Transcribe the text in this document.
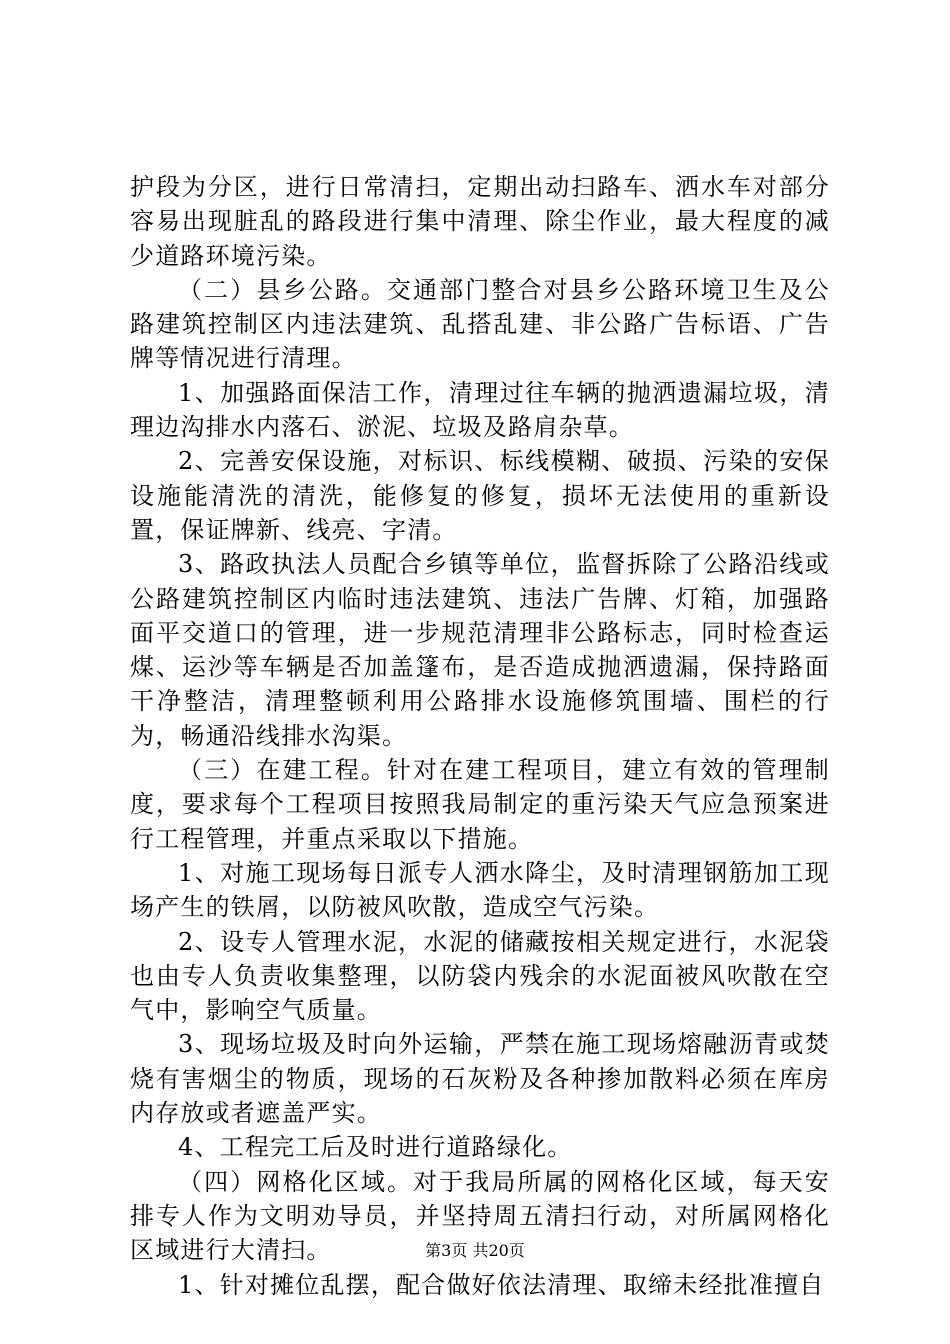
护段为分区，进行日常清扫，定期出动扫路车、洒水车对部分容易出现脏乱的路段进行集中清理、除尘作业，最大程度的减少道路环境污染。

（二）县乡公路。交通部门整合对县乡公路环境卫生及公路建筑控制区内违法建筑、乱搭乱建、非公路广告标语、广告牌等情况进行清理。

1、加强路面保洁工作，清理过往车辆的抛洒遗漏垃圾，清理边沟排水内落石、淤泥、垃圾及路肩杂草。

2、完善安保设施，对标识、标线模糊、破损、污染的安保设施能清洗的清洗，能修复的修复，损坏无法使用的重新设置，保证牌新、线亮、字清。

3、路政执法人员配合乡镇等单位，监督拆除了公路沿线或公路建筑控制区内临时违法建筑、违法广告牌、灯箱，加强路面平交道口的管理，进一步规范清理非公路标志，同时检查运煤、运沙等车辆是否加盖篷布，是否造成抛洒遗漏，保持路面干净整洁，清理整顿利用公路排水设施修筑围墙、围栏的行为，畅通沿线排水沟渠。

（三）在建工程。针对在建工程项目，建立有效的管理制度，要求每个工程项目按照我局制定的重污染天气应急预案进行工程管理，并重点采取以下措施。

1、对施工现场每日派专人洒水降尘，及时清理钢筋加工现场产生的铁屑，以防被风吹散，造成空气污染。

2、设专人管理水泥，水泥的储藏按相关规定进行，水泥袋也由专人负责收集整理，以防袋内残余的水泥面被风吹散在空气中，影响空气质量。

3、现场垃圾及时向外运输，严禁在施工现场熔融沥青或焚烧有害烟尘的物质，现场的石灰粉及各种掺加散料必须在库房内存放或者遮盖严实。

4、工程完工后及时进行道路绿化。

（四）网格化区域。对于我局所属的网格化区域，每天安排专人作为文明劝导员，并坚持周五清扫行动，对所属网格化区域进行大清扫。

1、针对摊位乱摆，配合做好依法清理、取缔未经批准擅自

第3页 共20页
